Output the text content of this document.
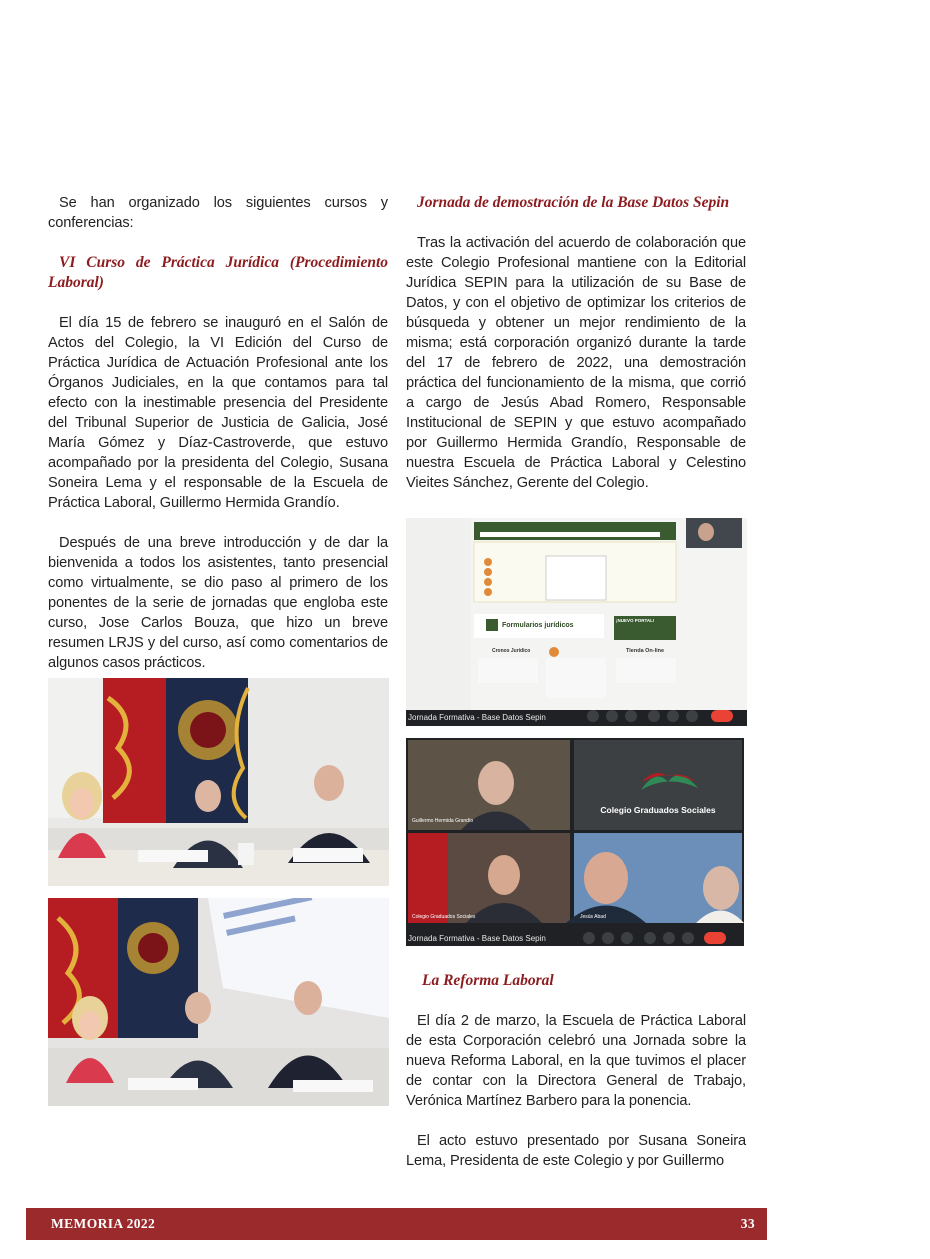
Se han organizado los siguientes cursos y conferencias:

VI Curso de Práctica Jurídica (Procedimiento Laboral)

El día 15 de febrero se inauguró en el Salón de Actos del Colegio, la VI Edición del Curso de Práctica Jurídica de Actuación Profesional ante los Órganos Judiciales, en la que contamos para tal efecto con la inestimable presencia del Presidente del Tribunal Superior de Justicia de Galicia, José María Gómez y Díaz-Castroverde, que estuvo acompañado por la presidenta del Colegio, Susana Soneira Lema y el responsable de la Escuela de Práctica Laboral, Guillermo Hermida Grandío.

Después de una breve introducción y de dar la bienvenida a todos los asistentes, tanto presencial como virtualmente, se dio paso al primero de los ponentes de la serie de jornadas que engloba este curso, Jose Carlos Bouza, que hizo un breve resumen LRJS y del curso, así como comentarios de algunos casos prácticos.

Jornada de demostración de la Base Datos Sepin

Tras la activación del acuerdo de colaboración que este Colegio Profesional mantiene con la Editorial Jurídica SEPIN para la utilización de su Base de Datos, y con el objetivo de optimizar los criterios de búsqueda y obtener un mejor rendimiento de la misma; está corporación organizó durante la tarde del 17 de febrero de 2022, una demostración práctica del funcionamiento de la misma, que corrió a cargo de Jesús Abad Romero, Responsable Institucional de SEPIN y que estuvo acompañado por Guillermo Hermida Grandío, Responsable de nuestra Escuela de Práctica Laboral y Celestino Vieites Sánchez, Gerente del Colegio.

Formularios jurídicos
¡NUEVO PORTAL!
Cronos Jurídico	Tienda On-line
Jornada Formativa - Base Datos Sepin
Guillermo Hermida Grandío
Colegio Graduados Sociales
Colegio Graduados Sociales	Jesús Abad
Jornada Formativa - Base Datos Sepin
La Reforma Laboral

El día 2 de marzo, la Escuela de Práctica Laboral de esta Corporación celebró una Jornada sobre la nueva Reforma Laboral, en la que tuvimos el placer de contar con la Directora General de Trabajo, Verónica Martínez Barbero para la ponencia.

El acto estuvo presentado por Susana Soneira Lema, Presidenta de este Colegio y por Guillermo

MEMORIA 2022	33
